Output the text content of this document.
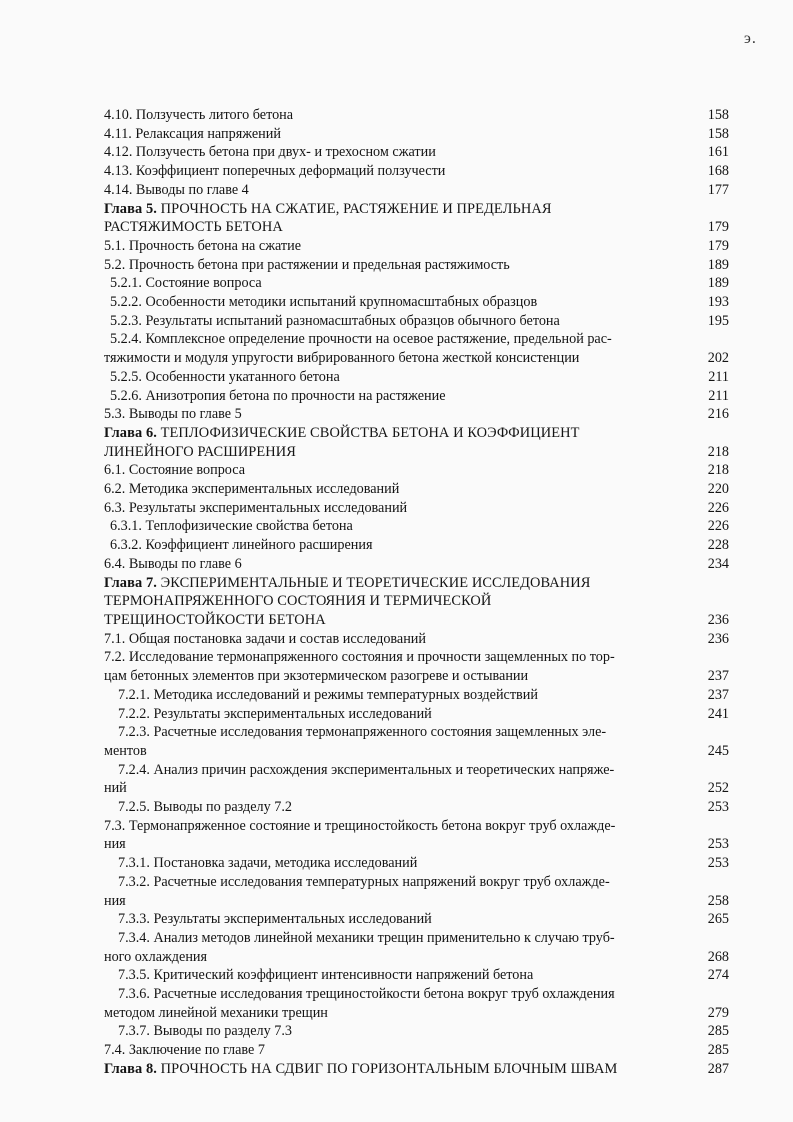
э.
4.10. Ползучесть литого бетона	158
4.11. Релаксация напряжений	158
4.12. Ползучесть бетона при двух- и трехосном сжатии	161
4.13. Коэффициент поперечных деформаций ползучести	168
4.14. Выводы по главе 4	177
Глава 5. ПРОЧНОСТЬ НА СЖАТИЕ, РАСТЯЖЕНИЕ И ПРЕДЕЛЬНАЯ
РАСТЯЖИМОСТЬ БЕТОНА	179
5.1. Прочность бетона на сжатие	179
5.2. Прочность бетона при растяжении и предельная растяжимость	189
5.2.1. Состояние вопроса	189
5.2.2. Особенности методики испытаний крупномасштабных образцов	193
5.2.3. Результаты испытаний разномасштабных образцов обычного бетона	195
5.2.4. Комплексное определение прочности на осевое растяжение, предельной рас-
тяжимости и модуля упругости вибрированного бетона жесткой консистенции	202
5.2.5. Особенности укатанного бетона	211
5.2.6. Анизотропия бетона по прочности на растяжение	211
5.3. Выводы по главе 5	216
Глава 6. ТЕПЛОФИЗИЧЕСКИЕ СВОЙСТВА БЕТОНА И КОЭФФИЦИЕНТ
ЛИНЕЙНОГО РАСШИРЕНИЯ	218
6.1. Состояние вопроса	218
6.2. Методика экспериментальных исследований	220
6.3. Результаты экспериментальных исследований	226
6.3.1. Теплофизические свойства бетона	226
6.3.2. Коэффициент линейного расширения	228
6.4. Выводы по главе 6	234
Глава 7. ЭКСПЕРИМЕНТАЛЬНЫЕ И ТЕОРЕТИЧЕСКИЕ ИССЛЕДОВАНИЯ
ТЕРМОНАПРЯЖЕННОГО СОСТОЯНИЯ И ТЕРМИЧЕСКОЙ
ТРЕЩИНОСТОЙКОСТИ БЕТОНА	236
7.1. Общая постановка задачи и состав исследований	236
7.2. Исследование термонапряженного состояния и прочности защемленных по тор-
цам бетонных элементов при экзотермическом разогреве и остывании	237
7.2.1. Методика исследований и режимы температурных воздействий	237
7.2.2. Результаты экспериментальных исследований	241
7.2.3. Расчетные исследования термонапряженного состояния защемленных эле-
ментов	245
7.2.4. Анализ причин расхождения экспериментальных и теоретических напряже-
ний	252
7.2.5. Выводы по разделу 7.2	253
7.3. Термонапряженное состояние и трещиностойкость бетона вокруг труб охлажде-
ния	253
7.3.1. Постановка задачи, методика исследований	253
7.3.2. Расчетные исследования температурных напряжений вокруг труб охлажде-
ния	258
7.3.3. Результаты экспериментальных исследований	265
7.3.4. Анализ методов линейной механики трещин применительно к случаю труб-
ного охлаждения	268
7.3.5. Критический коэффициент интенсивности напряжений бетона	274
7.3.6. Расчетные исследования трещиностойкости бетона вокруг труб охлаждения
методом линейной механики трещин	279
7.3.7. Выводы по разделу 7.3	285
7.4. Заключение по главе 7	285
Глава 8. ПРОЧНОСТЬ НА СДВИГ ПО ГОРИЗОНТАЛЬНЫМ БЛОЧНЫМ ШВАМ	287
